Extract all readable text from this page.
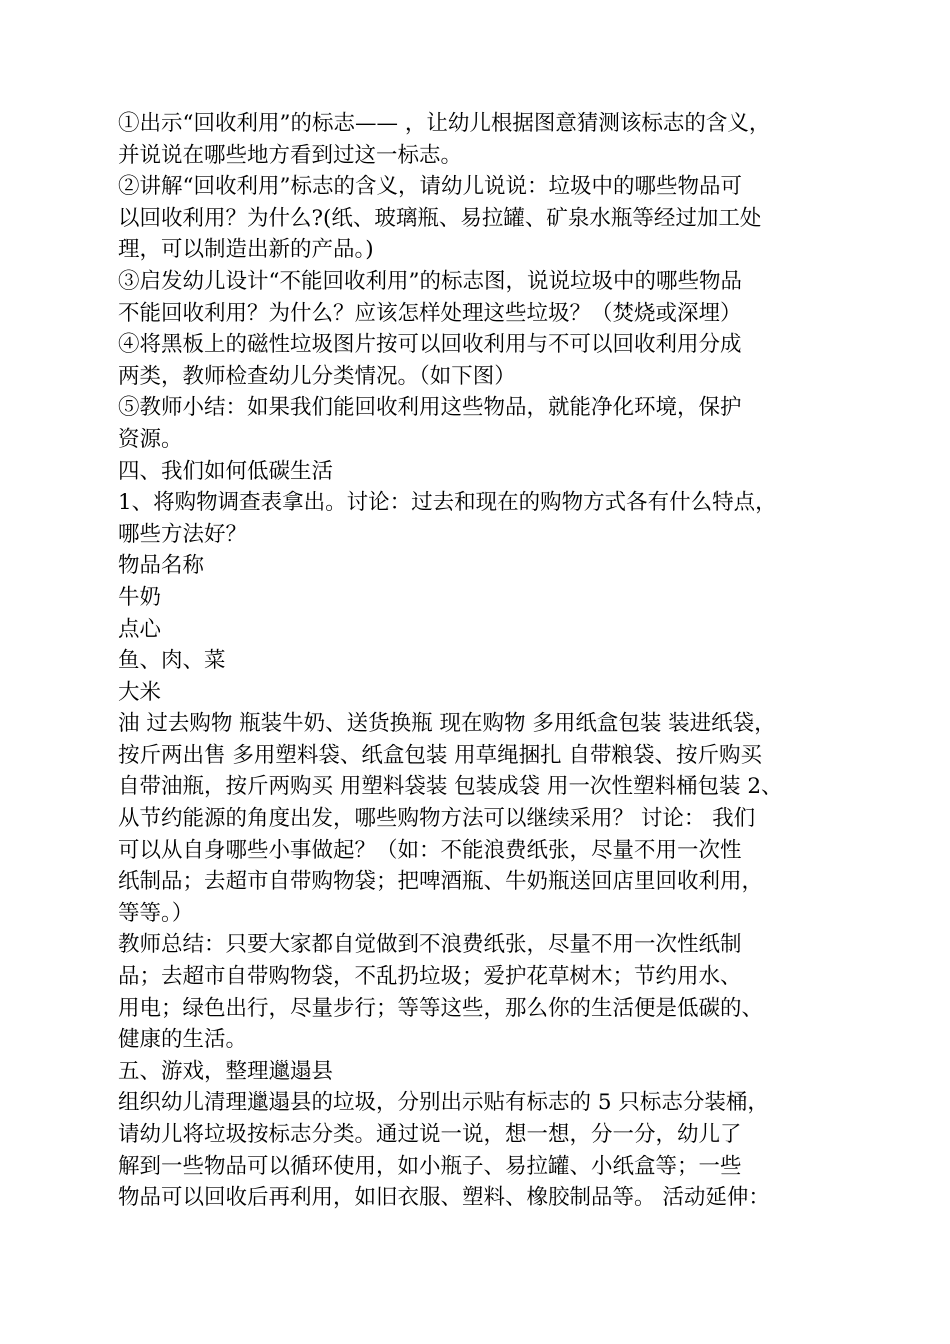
①出示“回收利用”的标志—— ，让幼儿根据图意猜测该标志的含义，
并说说在哪些地方看到过这一标志。
②讲解“回收利用”标志的含义，请幼儿说说：垃圾中的哪些物品可
以回收利用？为什么?(纸、玻璃瓶、易拉罐、矿泉水瓶等经过加工处
理，可以制造出新的产品。)
③启发幼儿设计“不能回收利用”的标志图，说说垃圾中的哪些物品
不能回收利用？为什么？应该怎样处理这些垃圾？（焚烧或深埋）
④将黑板上的磁性垃圾图片按可以回收利用与不可以回收利用分成
两类，教师检查幼儿分类情况。（如下图）
⑤教师小结：如果我们能回收利用这些物品，就能净化环境，保护
资源。
四、我们如何低碳生活
1、将购物调查表拿出。讨论：过去和现在的购物方式各有什么特点，
哪些方法好？
物品名称
牛奶
点心
鱼、肉、菜
大米
油 过去购物 瓶装牛奶、送货换瓶 现在购物 多用纸盒包装 装进纸袋，
按斤两出售 多用塑料袋、纸盒包装 用草绳捆扎 自带粮袋、按斤购买
自带油瓶，按斤两购买 用塑料袋装 包装成袋 用一次性塑料桶包装 2、
从节约能源的角度出发，哪些购物方法可以继续采用？ 讨论： 我们
可以从自身哪些小事做起？（如：不能浪费纸张，尽量不用一次性
纸制品；去超市自带购物袋；把啤酒瓶、牛奶瓶送回店里回收利用，
等等。）
教师总结：只要大家都自觉做到不浪费纸张，尽量不用一次性纸制
品；去超市自带购物袋，不乱扔垃圾；爱护花草树木；节约用水、
用电；绿色出行，尽量步行；等等这些，那么你的生活便是低碳的、
健康的生活。
五、游戏，整理邋遢县
组织幼儿清理邋遢县的垃圾，分别出示贴有标志的 5 只标志分装桶，
请幼儿将垃圾按标志分类。通过说一说，想一想，分一分，幼儿了
解到一些物品可以循环使用，如小瓶子、易拉罐、小纸盒等；一些
物品可以回收后再利用，如旧衣服、塑料、橡胶制品等。 活动延伸：
